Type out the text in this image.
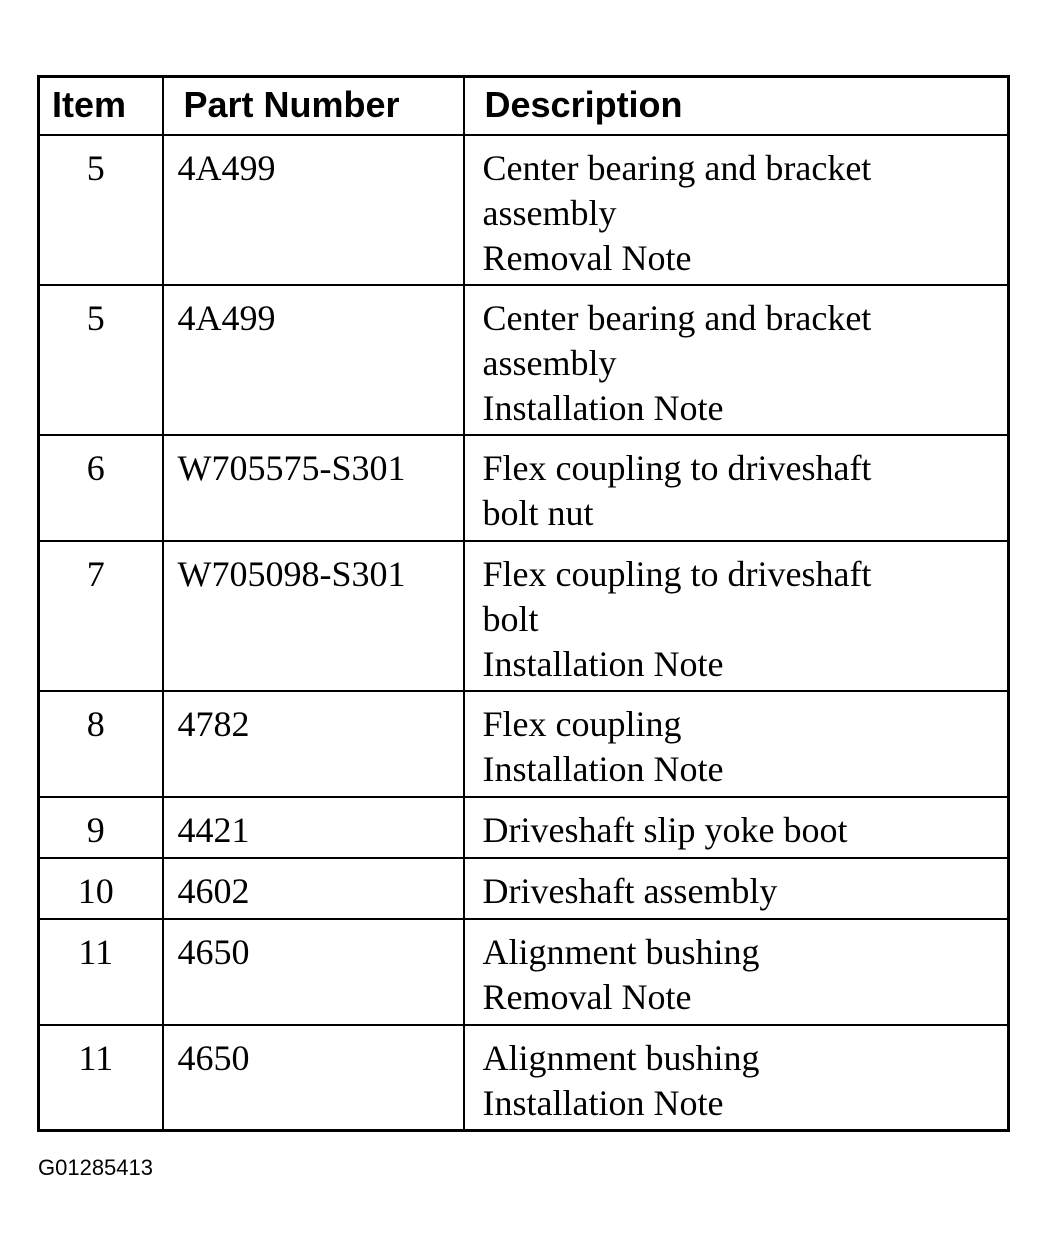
Item	Part Number	Description
5	4A499	Center bearing and bracket
assembly
Removal Note

5	4A499	Center bearing and bracket
assembly
Installation Note

6	W705575-S301	Flex coupling to driveshaft
bolt nut

7	W705098-S301	Flex coupling to driveshaft
bolt
Installation Note

8	4782	Flex coupling
Installation Note

9	4421	Driveshaft slip yoke boot

10	4602	Driveshaft assembly

11	4650	Alignment bushing
Removal Note

11	4650	Alignment bushing
Installation Note
G01285413
